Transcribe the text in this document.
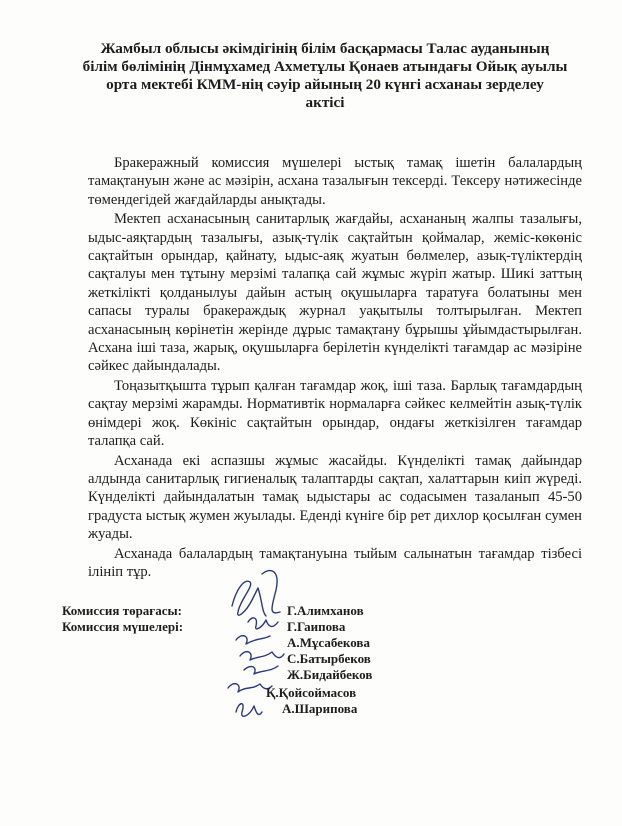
Жамбыл облысы әкімдігінің білім басқармасы Талас ауданының
білім бөлімінің Дінмұхамед Ахметұлы Қонаев атындағы Ойық ауылы
орта мектебі КММ-нің сәуір айының 20 күнгі асханаы зерделеу
актісі

Бракеражный комиссия мүшелері ыстық тамақ ішетін балалардың тамақтануын және ас мәзірін, асхана тазалығын тексерді. Тексеру нәтижесінде төмендегідей жағдайларды анықтады.

Мектеп асханасының санитарлық жағдайы, асхананың жалпы тазалығы, ыдыс-аяқтардың тазалығы, азық-түлік сақтайтын қоймалар, жеміс-көкөніс сақтайтын орындар, қайнату, ыдыс-аяқ жуатын бөлмелер, азық-түліктердің сақталуы мен тұтыну мерзімі талапқа сай жұмыс жүріп жатыр. Шикі заттың жеткілікті қолданылуы дайын астың оқушыларға таратуға болатыны мен сапасы туралы бракераждық журнал уақытылы толтырылған. Мектеп асханасының көрінетін жерінде дұрыс тамақтану бұрышы ұйымдастырылған. Асхана іші таза, жарық, оқушыларға берілетін күнделікті тағамдар ас мәзіріне сәйкес дайындалады.

Тоңазытқышта тұрып қалған тағамдар жоқ, іші таза. Барлық тағамдардың сақтау мерзімі жарамды. Нормативтік нормаларға сәйкес келмейтін азық-түлік өнімдері жоқ. Көкініс сақтайтын орындар, ондағы жеткізілген тағамдар талапқа сай.

Асханада екі аспазшы жұмыс жасайды. Күнделікті тамақ дайындар алдында санитарлық гигиеналық талаптарды сақтап, халаттарын киіп жүреді. Күнделікті дайындалатын тамақ ыдыстары ас содасымен тазаланып 45-50 градуста ыстық жумен жуылады. Еденді күніге бір рет дихлор қосылған сумен жуады.

Асханада балалардың тамақтануына тыйым салынатын тағамдар тізбесі ілініп тұр.

Комиссия төрағасы:
Комиссия мүшелері:
Г.Алимханов
Г.Гаипова
А.Мұсабекова
С.Батырбеков
Ж.Бидайбеков
Қ.Қойсоймасов
А.Шарипова
